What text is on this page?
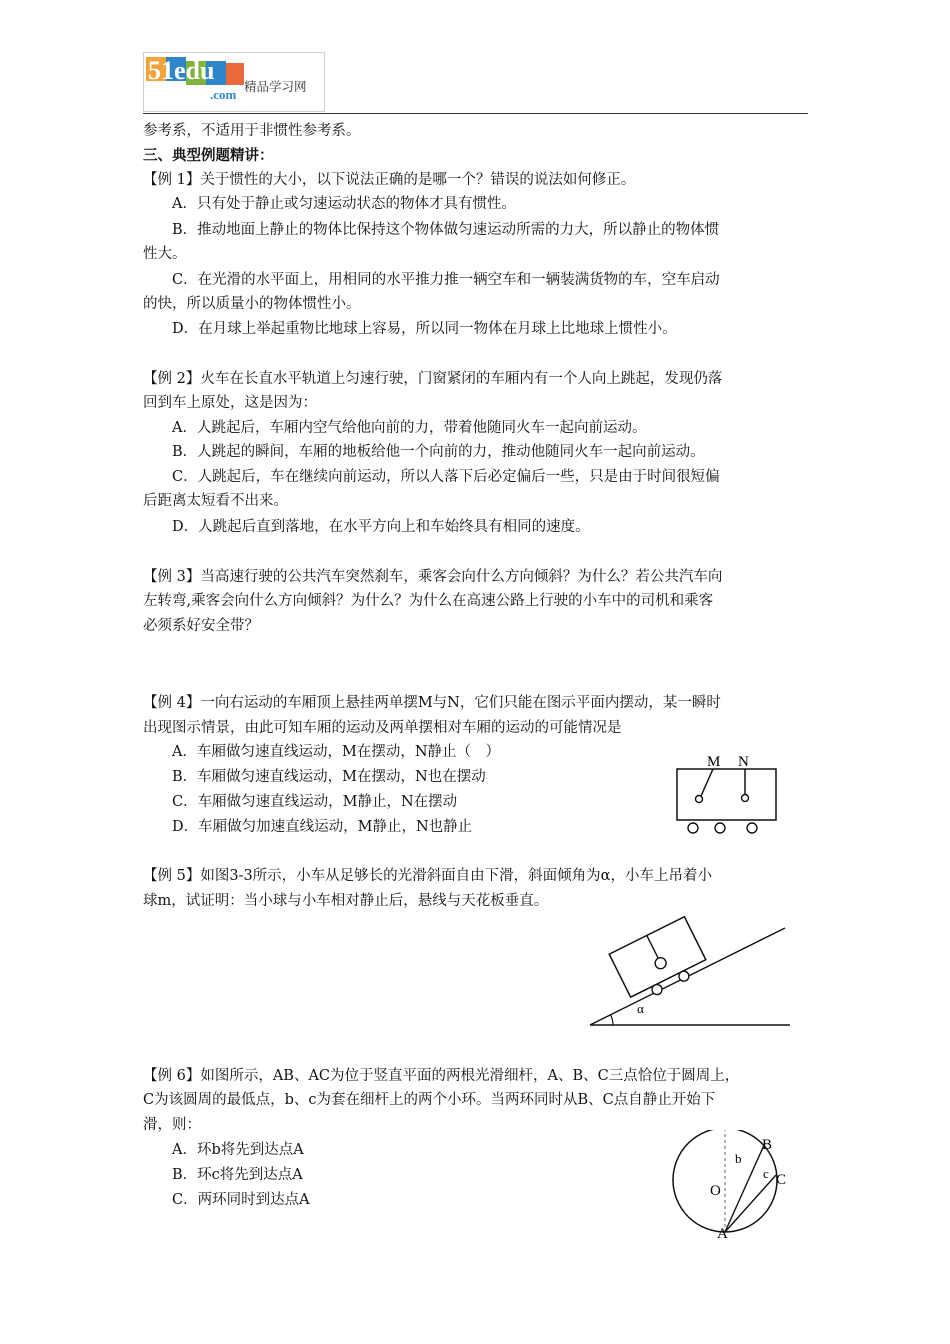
51edu
.com
精品学习网
参考系，不适用于非惯性参考系。
三、典型例题精讲：
【例 1】关于惯性的大小，以下说法正确的是哪一个？错误的说法如何修正。
A．只有处于静止或匀速运动状态的物体才具有惯性。
B．推动地面上静止的物体比保持这个物体做匀速运动所需的力大，所以静止的物体惯
性大。
C．在光滑的水平面上，用相同的水平推力推一辆空车和一辆装满货物的车，空车启动
的快，所以质量小的物体惯性小。
D．在月球上举起重物比地球上容易，所以同一物体在月球上比地球上惯性小。
【例 2】火车在长直水平轨道上匀速行驶，门窗紧闭的车厢内有一个人向上跳起，发现仍落
回到车上原处，这是因为：
A．人跳起后，车厢内空气给他向前的力，带着他随同火车一起向前运动。
B．人跳起的瞬间，车厢的地板给他一个向前的力，推动他随同火车一起向前运动。
C．人跳起后，车在继续向前运动，所以人落下后必定偏后一些，只是由于时间很短偏
后距离太短看不出来。
D．人跳起后直到落地，在水平方向上和车始终具有相同的速度。
【例 3】当高速行驶的公共汽车突然刹车，乘客会向什么方向倾斜？为什么？若公共汽车向
左转弯,乘客会向什么方向倾斜？为什么？为什么在高速公路上行驶的小车中的司机和乘客
必须系好安全带？
【例 4】一向右运动的车厢顶上悬挂两单摆M与N，它们只能在图示平面内摆动，某一瞬时
出现图示情景，由此可知车厢的运动及两单摆相对车厢的运动的可能情况是
A．车厢做匀速直线运动，M在摆动，N静止（　）
B．车厢做匀速直线运动，M在摆动，N也在摆动
C．车厢做匀速直线运动，M静止，N在摆动
D．车厢做匀加速直线运动，M静止，N也静止
【例 5】如图3-3所示，小车从足够长的光滑斜面自由下滑，斜面倾角为α，小车上吊着小
球m，试证明：当小球与小车相对静止后，悬线与天花板垂直。
【例 6】如图所示，AB、AC为位于竖直平面的两根光滑细杆，A、B、C三点恰位于圆周上，
C为该圆周的最低点，b、c为套在细杆上的两个小环。当两环同时从B、C点自静止开始下
滑，则：
A．环b将先到达点A
B．环c将先到达点A
C．两环同时到达点A
M N
α
B
b
c C
O
A
